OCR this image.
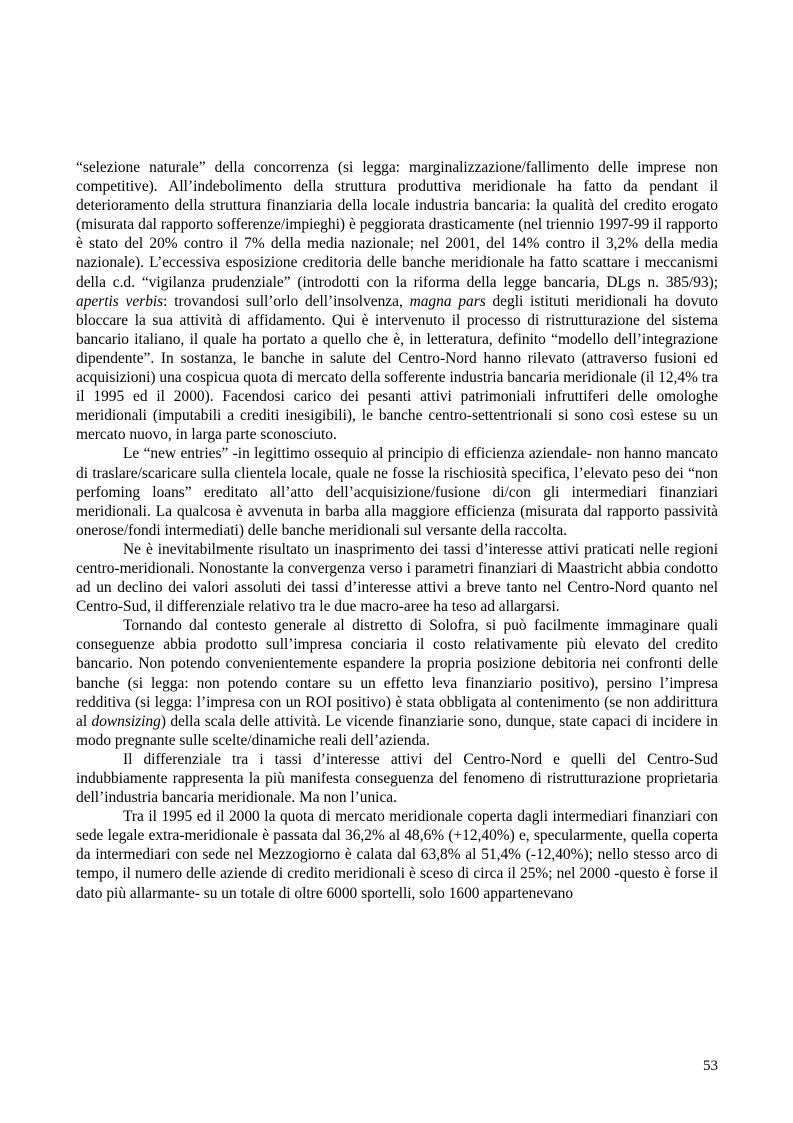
“selezione naturale” della concorrenza (si legga: marginalizzazione/fallimento delle imprese non competitive). All’indebolimento della struttura produttiva meridionale ha fatto da pendant il deterioramento della struttura finanziaria della locale industria bancaria: la qualità del credito erogato (misurata dal rapporto sofferenze/impieghi) è peggiorata drasticamente (nel triennio 1997-99 il rapporto è stato del 20% contro il 7% della media nazionale; nel 2001, del 14% contro il 3,2% della media nazionale). L’eccessiva esposizione creditoria delle banche meridionale ha fatto scattare i meccanismi della c.d. “vigilanza prudenziale” (introdotti con la riforma della legge bancaria, DLgs n. 385/93); apertis verbis: trovandosi sull’orlo dell’insolvenza, magna pars degli istituti meridionali ha dovuto bloccare la sua attività di affidamento. Qui è intervenuto il processo di ristrutturazione del sistema bancario italiano, il quale ha portato a quello che è, in letteratura, definito “modello dell’integrazione dipendente”. In sostanza, le banche in salute del Centro-Nord hanno rilevato (attraverso fusioni ed acquisizioni) una cospicua quota di mercato della sofferente industria bancaria meridionale (il 12,4% tra il 1995 ed il 2000). Facendosi carico dei pesanti attivi patrimoniali infruttiferi delle omologhe meridionali (imputabili a crediti inesigibili), le banche centro-settentrionali si sono così estese su un mercato nuovo, in larga parte sconosciuto.

Le “new entries” -in legittimo ossequio al principio di efficienza aziendale- non hanno mancato di traslare/scaricare sulla clientela locale, quale ne fosse la rischiosità specifica, l’elevato peso dei “non perfoming loans” ereditato all’atto dell’acquisizione/fusione di/con gli intermediari finanziari meridionali. La qualcosa è avvenuta in barba alla maggiore efficienza (misurata dal rapporto passività onerose/fondi intermediati) delle banche meridionali sul versante della raccolta.

Ne è inevitabilmente risultato un inasprimento dei tassi d’interesse attivi praticati nelle regioni centro-meridionali. Nonostante la convergenza verso i parametri finanziari di Maastricht abbia condotto ad un declino dei valori assoluti dei tassi d’interesse attivi a breve tanto nel Centro-Nord quanto nel Centro-Sud, il differenziale relativo tra le due macro-aree ha teso ad allargarsi.

Tornando dal contesto generale al distretto di Solofra, si può facilmente immaginare quali conseguenze abbia prodotto sull’impresa conciaria il costo relativamente più elevato del credito bancario. Non potendo convenientemente espandere la propria posizione debitoria nei confronti delle banche (si legga: non potendo contare su un effetto leva finanziario positivo), persino l’impresa redditiva (si legga: l’impresa con un ROI positivo) è stata obbligata al contenimento (se non addirittura al downsizing) della scala delle attività. Le vicende finanziarie sono, dunque, state capaci di incidere in modo pregnante sulle scelte/dinamiche reali dell’azienda.

Il differenziale tra i tassi d’interesse attivi del Centro-Nord e quelli del Centro-Sud indubbiamente rappresenta la più manifesta conseguenza del fenomeno di ristrutturazione proprietaria dell’industria bancaria meridionale. Ma non l’unica.

Tra il 1995 ed il 2000 la quota di mercato meridionale coperta dagli intermediari finanziari con sede legale extra-meridionale è passata dal 36,2% al 48,6% (+12,40%) e, specularmente, quella coperta da intermediari con sede nel Mezzogiorno è calata dal 63,8% al 51,4% (-12,40%); nello stesso arco di tempo, il numero delle aziende di credito meridionali è sceso di circa il 25%; nel 2000 -questo è forse il dato più allarmante- su un totale di oltre 6000 sportelli, solo 1600 appartenevano

53
